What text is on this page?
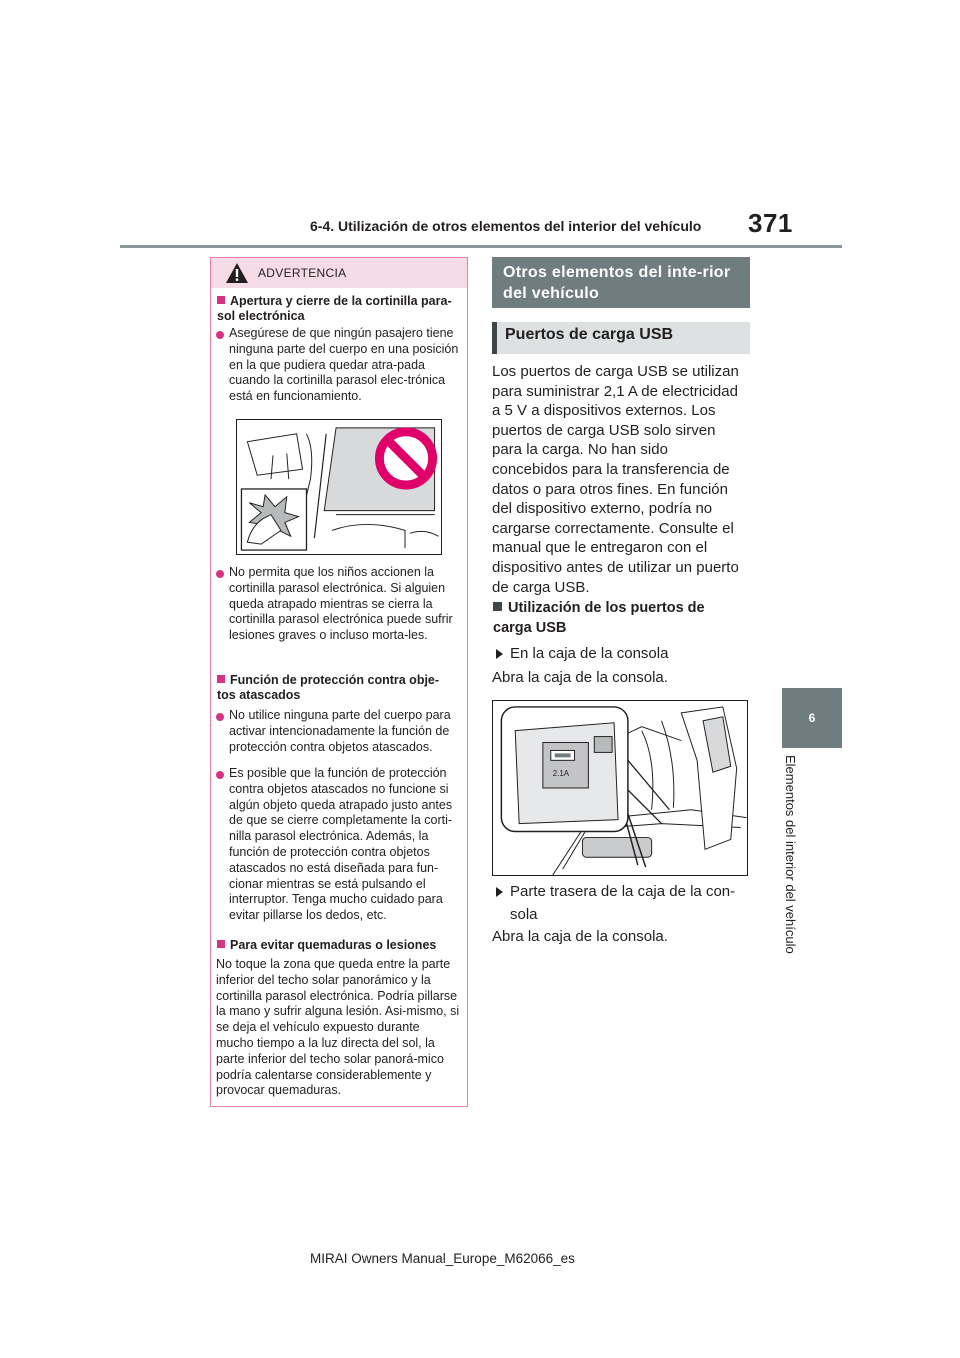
6-4. Utilización de otros elementos del interior del vehículo 371
6
Elementos del interior del vehículo
ADVERTENCIA
Apertura y cierre de la cortinilla para-sol electrónica
Asegúrese de que ningún pasajero tiene ninguna parte del cuerpo en una posición en la que pudiera quedar atra-pada cuando la cortinilla parasol elec-trónica está en funcionamiento.
No permita que los niños accionen la cortinilla parasol electrónica. Si alguien queda atrapado mientras se cierra la cortinilla parasol electrónica puede sufrir lesiones graves o incluso morta-les.
Función de protección contra obje-tos atascados
No utilice ninguna parte del cuerpo para activar intencionadamente la función de protección contra objetos atascados.
Es posible que la función de protección contra objetos atascados no funcione si algún objeto queda atrapado justo antes de que se cierre completamente la corti-nilla parasol electrónica. Además, la función de protección contra objetos atascados no está diseñada para fun-cionar mientras se está pulsando el interruptor. Tenga mucho cuidado para evitar pillarse los dedos, etc.
Para evitar quemaduras o lesiones
No toque la zona que queda entre la parte inferior del techo solar panorámico y la cortinilla parasol electrónica. Podría pillarse la mano y sufrir alguna lesión. Asi-mismo, si se deja el vehículo expuesto durante mucho tiempo a la luz directa del sol, la parte inferior del techo solar panorá-mico podría calentarse considerablemente y provocar quemaduras.
Otros elementos del inte-rior del vehículo
Puertos de carga USB
Los puertos de carga USB se utilizan para suministrar 2,1 A de electricidad a 5 V a dispositivos externos. Los puertos de carga USB solo sirven para la carga. No han sido concebidos para la transferencia de datos o para otros fines. En función del dispositivo externo, podría no cargarse correctamente. Consulte el manual que le entregaron con el dispositivo antes de utilizar un puerto de carga USB.
Utilización de los puertos de carga USB
En la caja de la consola
Abra la caja de la consola.
2.1A
Parte trasera de la caja de la con-sola
Abra la caja de la consola.
MIRAI Owners Manual_Europe_M62066_es
